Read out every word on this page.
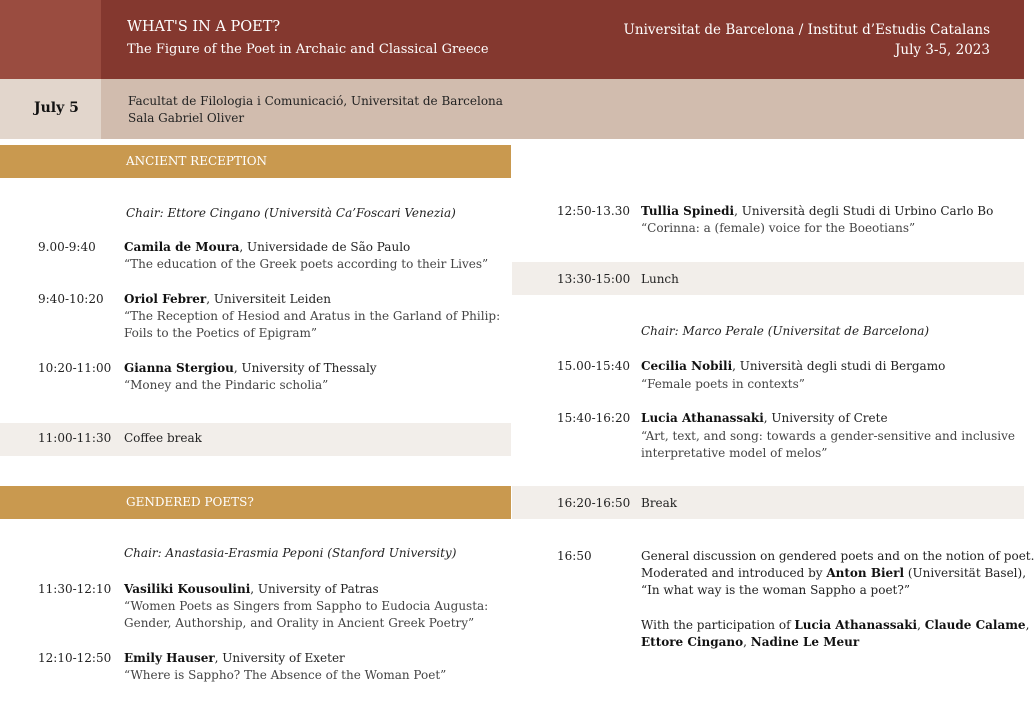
WHAT'S IN A POET?
The Figure of the Poet in Archaic and Classical Greece
Universitat de Barcelona / Institut d’Estudis Catalans
July 3-5, 2023
July 5	Facultat de Filologia i Comunicació, Universitat de Barcelona
Sala Gabriel Oliver
ANCIENT RECEPTION
Chair: Ettore Cingano (Università Ca’Foscari Venezia)
9.00-9:40 Camila de Moura, Universidade de São Paulo
“The education of the Greek poets according to their Lives”
9:40-10:20 Oriol Febrer, Universiteit Leiden
“The Reception of Hesiod and Aratus in the Garland of Philip:
Foils to the Poetics of Epigram”
10:20-11:00 Gianna Stergiou, University of Thessaly
“Money and the Pindaric scholia”
11:00-11:30 Coffee break
GENDERED POETS?
Chair: Anastasia-Erasmia Peponi (Stanford University)
11:30-12:10 Vasiliki Kousoulini, University of Patras
“Women Poets as Singers from Sappho to Eudocia Augusta:
Gender, Authorship, and Orality in Ancient Greek Poetry”
12:10-12:50 Emily Hauser, University of Exeter
“Where is Sappho? The Absence of the Woman Poet”
12:50-13.30 Tullia Spinedi, Università degli Studi di Urbino Carlo Bo
“Corinna: a (female) voice for the Boeotians”
13:30-15:00 Lunch
Chair: Marco Perale (Universitat de Barcelona)
15.00-15:40 Cecilia Nobili, Università degli studi di Bergamo
“Female poets in contexts”
15:40-16:20 Lucia Athanassaki, University of Crete
“Art, text, and song: towards a gender-sensitive and inclusive
interpretative model of melos”
16:20-16:50 Break
16:50	General discussion on gendered poets and on the notion of poet.
Moderated and introduced by Anton Bierl (Universität Basel),
“In what way is the woman Sappho a poet?”
With the participation of Lucia Athanassaki, Claude Calame,
Ettore Cingano, Nadine Le Meur
